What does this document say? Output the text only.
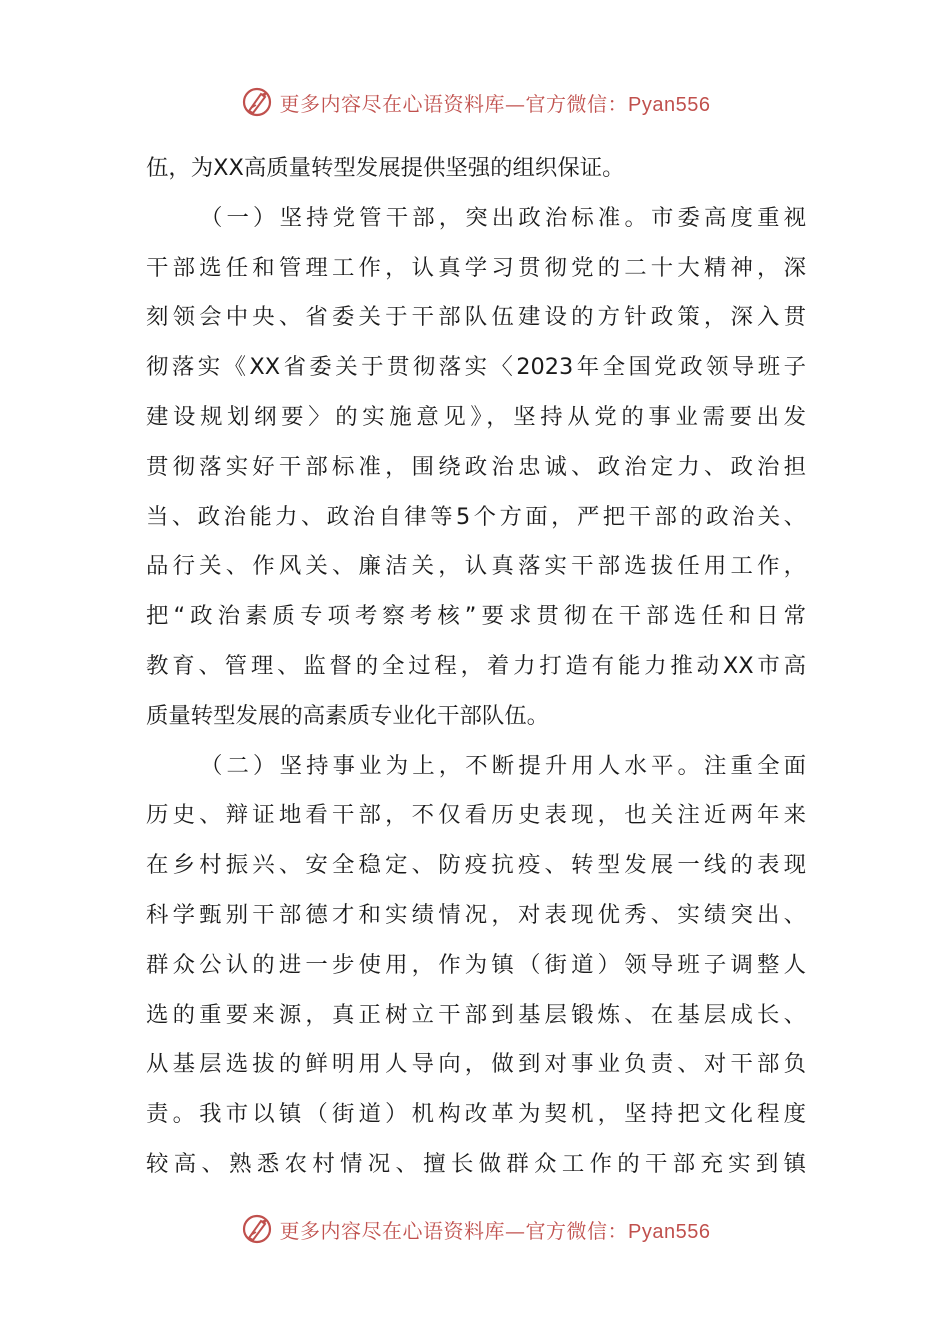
更多内容尽在心语资料库—官方微信：Pyan556
伍，为XX高质量转型发展提供坚强的组织保证。
（一）坚持党管干部，突出政治标准。市委高度重视
干部选任和管理工作，认真学习贯彻党的二十大精神，深
刻领会中央、省委关于干部队伍建设的方针政策，深入贯
彻落实《XX省委关于贯彻落实〈2023年全国党政领导班子
建设规划纲要〉的实施意见》，坚持从党的事业需要出发
贯彻落实好干部标准，围绕政治忠诚、政治定力、政治担
当、政治能力、政治自律等5个方面，严把干部的政治关、
品行关、作风关、廉洁关，认真落实干部选拔任用工作，
把“政治素质专项考察考核”要求贯彻在干部选任和日常
教育、管理、监督的全过程，着力打造有能力推动XX市高
质量转型发展的高素质专业化干部队伍。
（二）坚持事业为上，不断提升用人水平。注重全面
历史、辩证地看干部，不仅看历史表现，也关注近两年来
在乡村振兴、安全稳定、防疫抗疫、转型发展一线的表现
科学甄别干部德才和实绩情况，对表现优秀、实绩突出、
群众公认的进一步使用，作为镇（街道）领导班子调整人
选的重要来源，真正树立干部到基层锻炼、在基层成长、
从基层选拔的鲜明用人导向，做到对事业负责、对干部负
责。我市以镇（街道）机构改革为契机，坚持把文化程度
较高、熟悉农村情况、擅长做群众工作的干部充实到镇
更多内容尽在心语资料库—官方微信：Pyan556
